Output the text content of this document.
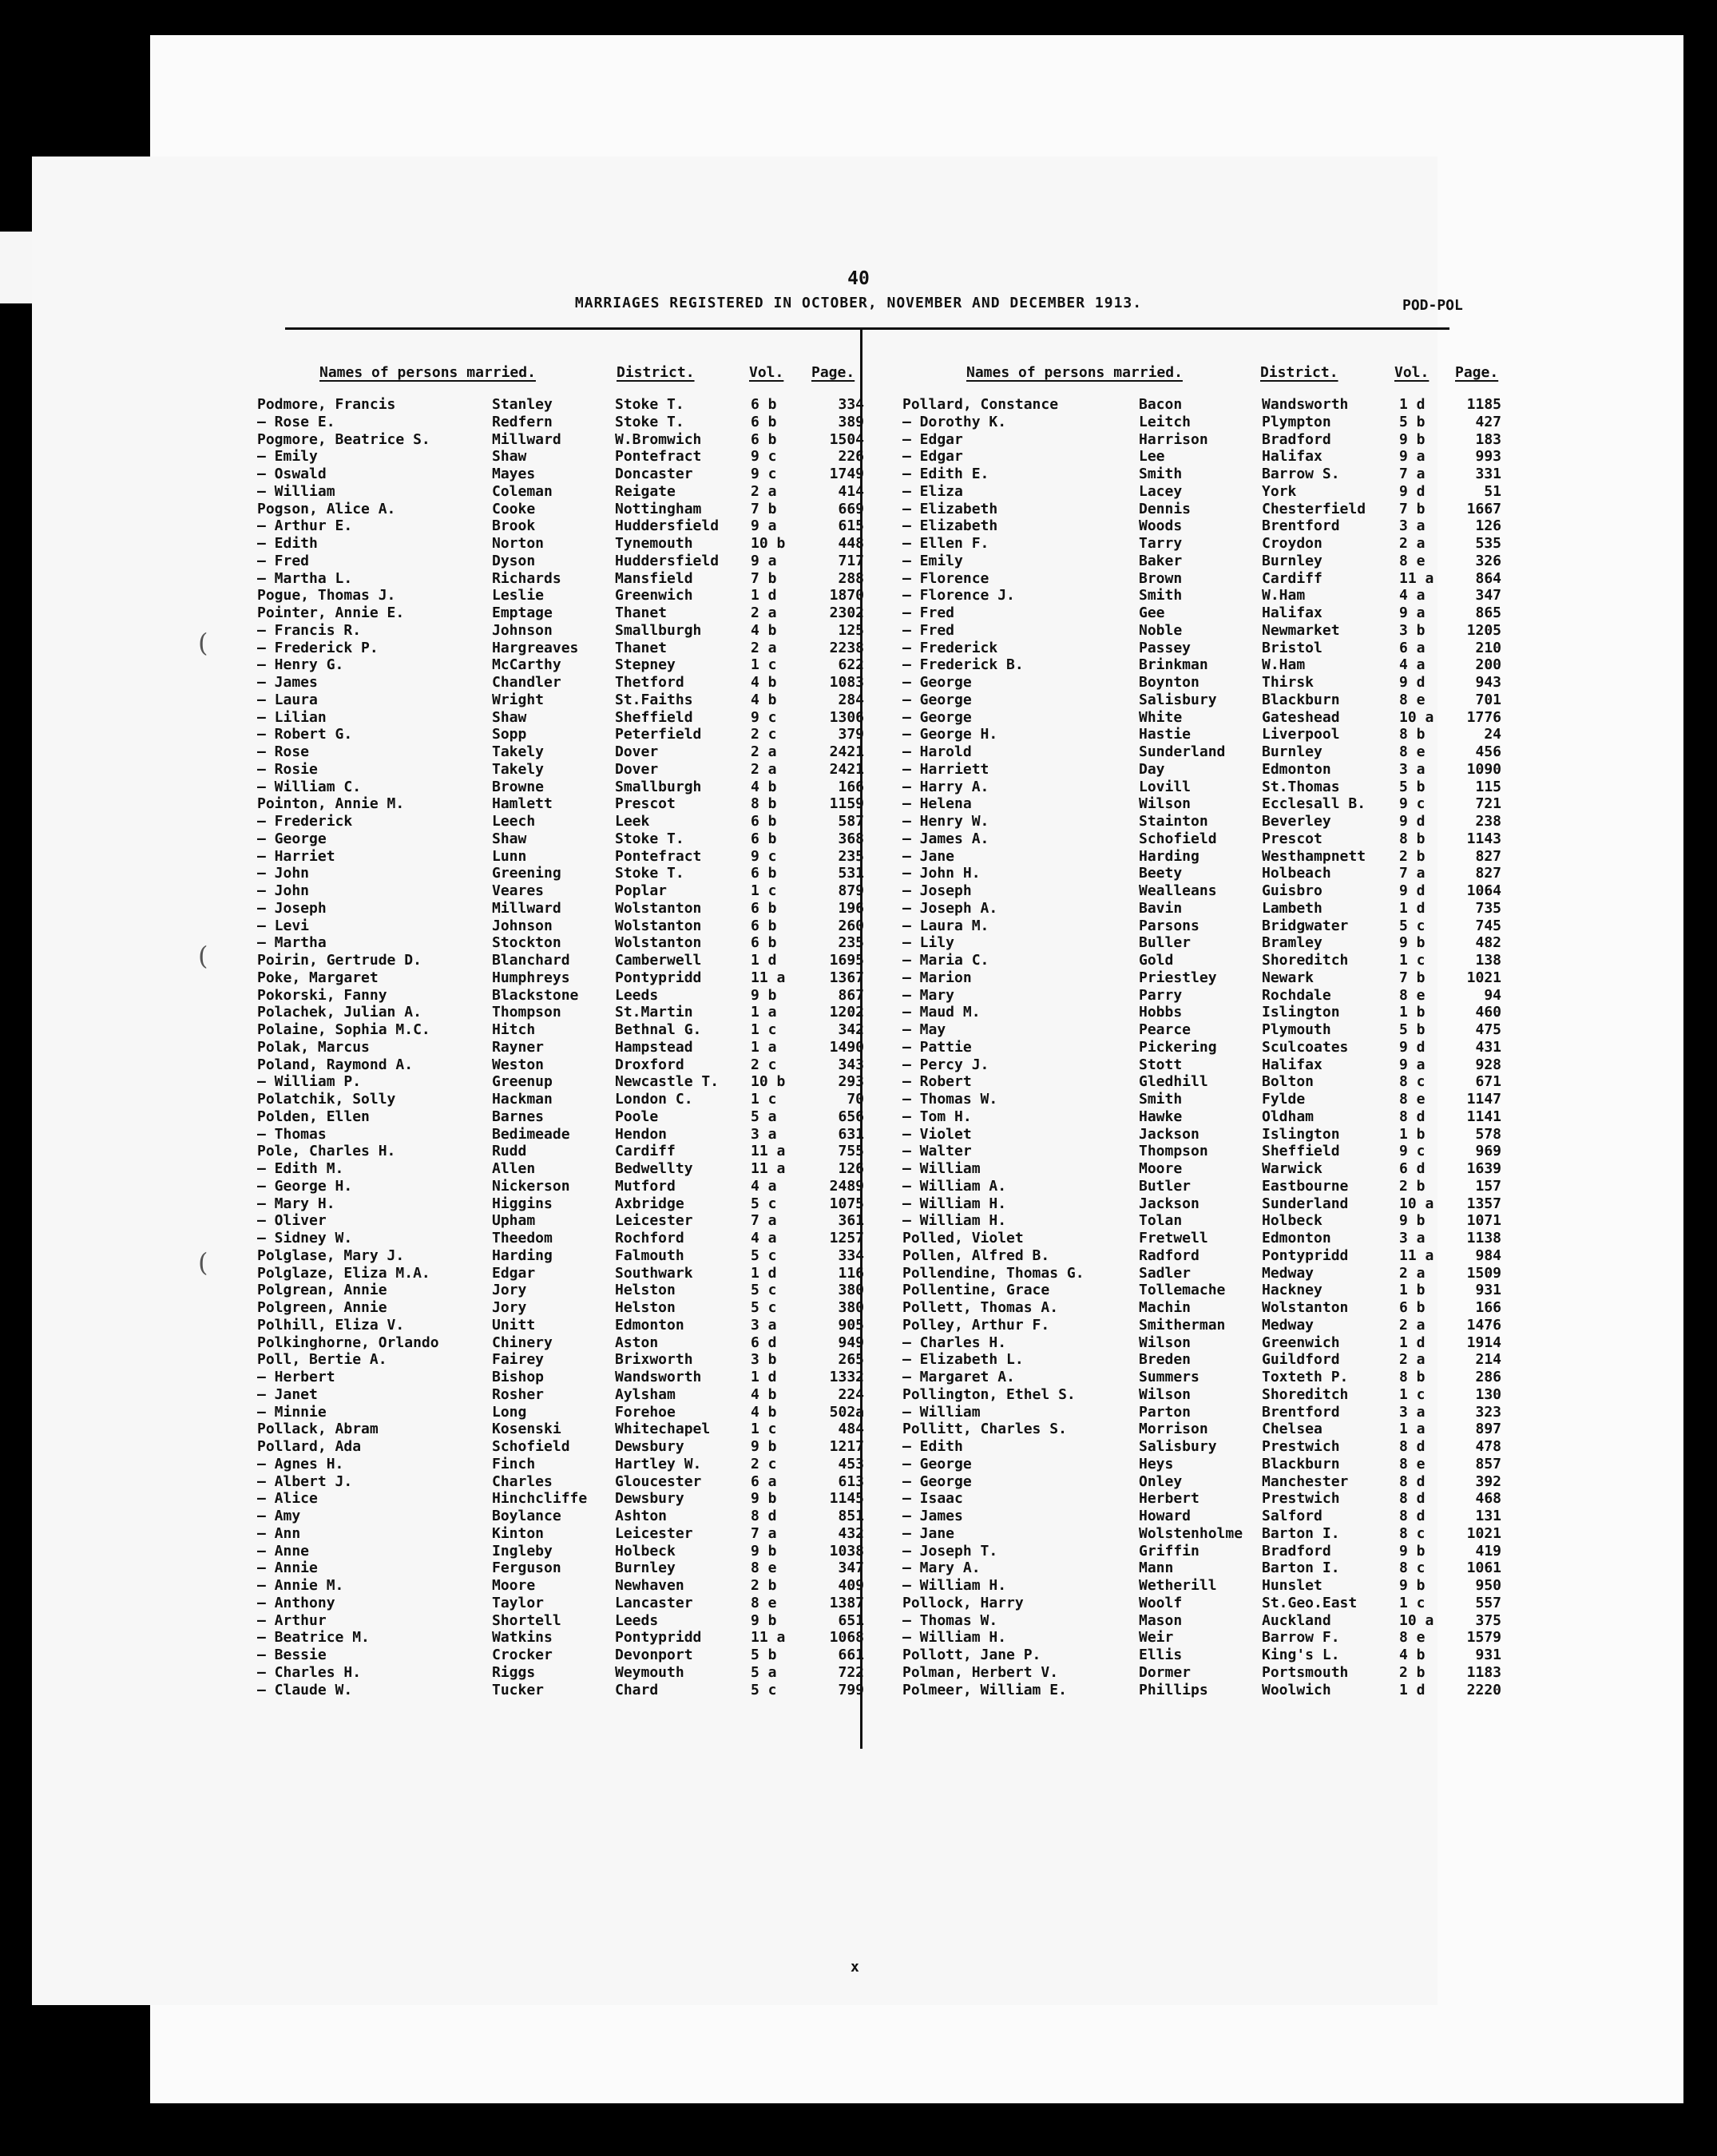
40
MARRIAGES REGISTERED IN OCTOBER, NOVEMBER AND DECEMBER 1913.	POD-POL
(
(
(
Names of persons married.	District.	Vol. Page.	Names of persons married.	District.	Vol. Page.
Podmore, Francis	Stanley	Stoke T.	6 b	334
— Rose E.	Redfern	Stoke T.	6 b	389
Pogmore, Beatrice S.	Millward	W.Bromwich	6 b	1504
— Emily	Shaw	Pontefract	9 c	226
— Oswald	Mayes	Doncaster	9 c	1749
— William	Coleman	Reigate	2 a	414
Pogson, Alice A.	Cooke	Nottingham	7 b	669
— Arthur E.	Brook	Huddersfield 9 a	615
— Edith	Norton	Tynemouth	10 b	448
— Fred	Dyson	Huddersfield 9 a	717
— Martha L.	Richards	Mansfield	7 b	288
Pogue, Thomas J.	Leslie	Greenwich	1 d	1870
Pointer, Annie E.	Emptage	Thanet	2 a	2302
— Francis R.	Johnson	Smallburgh	4 b	125
— Frederick P.	Hargreaves	Thanet	2 a	2238
— Henry G.	McCarthy	Stepney	1 c	622
— James	Chandler	Thetford	4 b	1083
— Laura	Wright	St.Faiths	4 b	284
— Lilian	Shaw	Sheffield	9 c	1306
— Robert G.	Sopp	Peterfield	2 c	379
— Rose	Takely	Dover	2 a	2421
— Rosie	Takely	Dover	2 a	2421
— William C.	Browne	Smallburgh	4 b	166
Pointon, Annie M.	Hamlett	Prescot	8 b	1159
— Frederick	Leech	Leek	6 b	587
— George	Shaw	Stoke T.	6 b	368
— Harriet	Lunn	Pontefract	9 c	235
— John	Greening	Stoke T.	6 b	531
— John	Veares	Poplar	1 c	879
— Joseph	Millward	Wolstanton	6 b	196
— Levi	Johnson	Wolstanton	6 b	260
— Martha	Stockton	Wolstanton	6 b	235
Poirin, Gertrude D.	Blanchard	Camberwell	1 d	1695
Poke, Margaret	Humphreys	Pontypridd	11 a	1367
Pokorski, Fanny	Blackstone	Leeds	9 b	867
Polachek, Julian A.	Thompson	St.Martin	1 a	1202
Polaine, Sophia M.C.	Hitch	Bethnal G.	1 c	342
Polak, Marcus	Rayner	Hampstead	1 a	1490
Poland, Raymond A.	Weston	Droxford	2 c	343
— William P.	Greenup	Newcastle T. 10 b	293
Polatchik, Solly	Hackman	London C.	1 c	70
Polden, Ellen	Barnes	Poole	5 a	656
— Thomas	Bedimeade	Hendon	3 a	631
Pole, Charles H.	Rudd	Cardiff	11 a	755
— Edith M.	Allen	Bedwellty	11 a	126
— George H.	Nickerson	Mutford	4 a	2489
— Mary H.	Higgins	Axbridge	5 c	1075
— Oliver	Upham	Leicester	7 a	361
— Sidney W.	Theedom	Rochford	4 a	1257
Polglase, Mary J.	Harding	Falmouth	5 c	334
Polglaze, Eliza M.A.	Edgar	Southwark	1 d	116
Polgrean, Annie	Jory	Helston	5 c	380
Polgreen, Annie	Jory	Helston	5 c	380
Polhill, Eliza V.	Unitt	Edmonton	3 a	905
Polkinghorne, Orlando	Chinery	Aston	6 d	949
Poll, Bertie A.	Fairey	Brixworth	3 b	265
— Herbert	Bishop	Wandsworth	1 d	1332
— Janet	Rosher	Aylsham	4 b	224
— Minnie	Long	Forehoe	4 b	502a
Pollack, Abram	Kosenski	Whitechapel	1 c	484
Pollard, Ada	Schofield	Dewsbury	9 b	1217
— Agnes H.	Finch	Hartley W.	2 c	453
— Albert J.	Charles	Gloucester	6 a	613
— Alice	Hinchcliffe Dewsbury	9 b	1145
— Amy	Boylance	Ashton	8 d	851
— Ann	Kinton	Leicester	7 a	432
— Anne	Ingleby	Holbeck	9 b	1038
— Annie	Ferguson	Burnley	8 e	347
— Annie M.	Moore	Newhaven	2 b	409
— Anthony	Taylor	Lancaster	8 e	1387
— Arthur	Shortell	Leeds	9 b	651
— Beatrice M.	Watkins	Pontypridd	11 a	1068
— Bessie	Crocker	Devonport	5 b	661
— Charles H.	Riggs	Weymouth	5 a	722
— Claude W.	Tucker	Chard	5 c	799
Pollard, Constance	Bacon	Wandsworth	1 d	1185
— Dorothy K.	Leitch	Plympton	5 b	427
— Edgar	Harrison	Bradford	9 b	183
— Edgar	Lee	Halifax	9 a	993
— Edith E.	Smith	Barrow S.	7 a	331
— Eliza	Lacey	York	9 d	51
— Elizabeth	Dennis	Chesterfield 7 b	1667
— Elizabeth	Woods	Brentford	3 a	126
— Ellen F.	Tarry	Croydon	2 a	535
— Emily	Baker	Burnley	8 e	326
— Florence	Brown	Cardiff	11 a	864
— Florence J.	Smith	W.Ham	4 a	347
— Fred	Gee	Halifax	9 a	865
— Fred	Noble	Newmarket	3 b	1205
— Frederick	Passey	Bristol	6 a	210
— Frederick B.	Brinkman	W.Ham	4 a	200
— George	Boynton	Thirsk	9 d	943
— George	Salisbury	Blackburn	8 e	701
— George	White	Gateshead	10 a 1776
— George H.	Hastie	Liverpool	8 b	24
— Harold	Sunderland	Burnley	8 e	456
— Harriett	Day	Edmonton	3 a	1090
— Harry A.	Lovill	St.Thomas	5 b	115
— Helena	Wilson	Ecclesall B. 9 c	721
— Henry W.	Stainton	Beverley	9 d	238
— James A.	Schofield	Prescot	8 b	1143
— Jane	Harding	Westhampnett 2 b	827
— John H.	Beety	Holbeach	7 a	827
— Joseph	Wealleans	Guisbro	9 d	1064
— Joseph A.	Bavin	Lambeth	1 d	735
— Laura M.	Parsons	Bridgwater	5 c	745
— Lily	Buller	Bramley	9 b	482
— Maria C.	Gold	Shoreditch	1 c	138
— Marion	Priestley	Newark	7 b	1021
— Mary	Parry	Rochdale	8 e	94
— Maud M.	Hobbs	Islington	1 b	460
— May	Pearce	Plymouth	5 b	475
— Pattie	Pickering	Sculcoates	9 d	431
— Percy J.	Stott	Halifax	9 a	928
— Robert	Gledhill	Bolton	8 c	671
— Thomas W.	Smith	Fylde	8 e	1147
— Tom H.	Hawke	Oldham	8 d	1141
— Violet	Jackson	Islington	1 b	578
— Walter	Thompson	Sheffield	9 c	969
— William	Moore	Warwick	6 d	1639
— William A.	Butler	Eastbourne	2 b	157
— William H.	Jackson	Sunderland	10 a 1357
— William H.	Tolan	Holbeck	9 b	1071
Polled, Violet	Fretwell	Edmonton	3 a	1138
Pollen, Alfred B.	Radford	Pontypridd	11 a	984
Pollendine, Thomas G.	Sadler	Medway	2 a	1509
Pollentine, Grace	Tollemache	Hackney	1 b	931
Pollett, Thomas A.	Machin	Wolstanton	6 b	166
Polley, Arthur F.	Smitherman	Medway	2 a	1476
— Charles H.	Wilson	Greenwich	1 d	1914
— Elizabeth L.	Breden	Guildford	2 a	214
— Margaret A.	Summers	Toxteth P.	8 b	286
Pollington, Ethel S.	Wilson	Shoreditch	1 c	130
— William	Parton	Brentford	3 a	323
Pollitt, Charles S.	Morrison	Chelsea	1 a	897
— Edith	Salisbury	Prestwich	8 d	478
— George	Heys	Blackburn	8 e	857
— George	Onley	Manchester	8 d	392
— Isaac	Herbert	Prestwich	8 d	468
— James	Howard	Salford	8 d	131
— Jane	Wolstenholme Barton I.	8 c	1021
— Joseph T.	Griffin	Bradford	9 b	419
— Mary A.	Mann	Barton I.	8 c	1061
— William H.	Wetherill	Hunslet	9 b	950
Pollock, Harry	Woolf	St.Geo.East	1 c	557
— Thomas W.	Mason	Auckland	10 a	375
— William H.	Weir	Barrow F.	8 e	1579
Pollott, Jane P.	Ellis	King's L.	4 b	931
Polman, Herbert V.	Dormer	Portsmouth	2 b	1183
Polmeer, William E.	Phillips	Woolwich	1 d	2220
x
